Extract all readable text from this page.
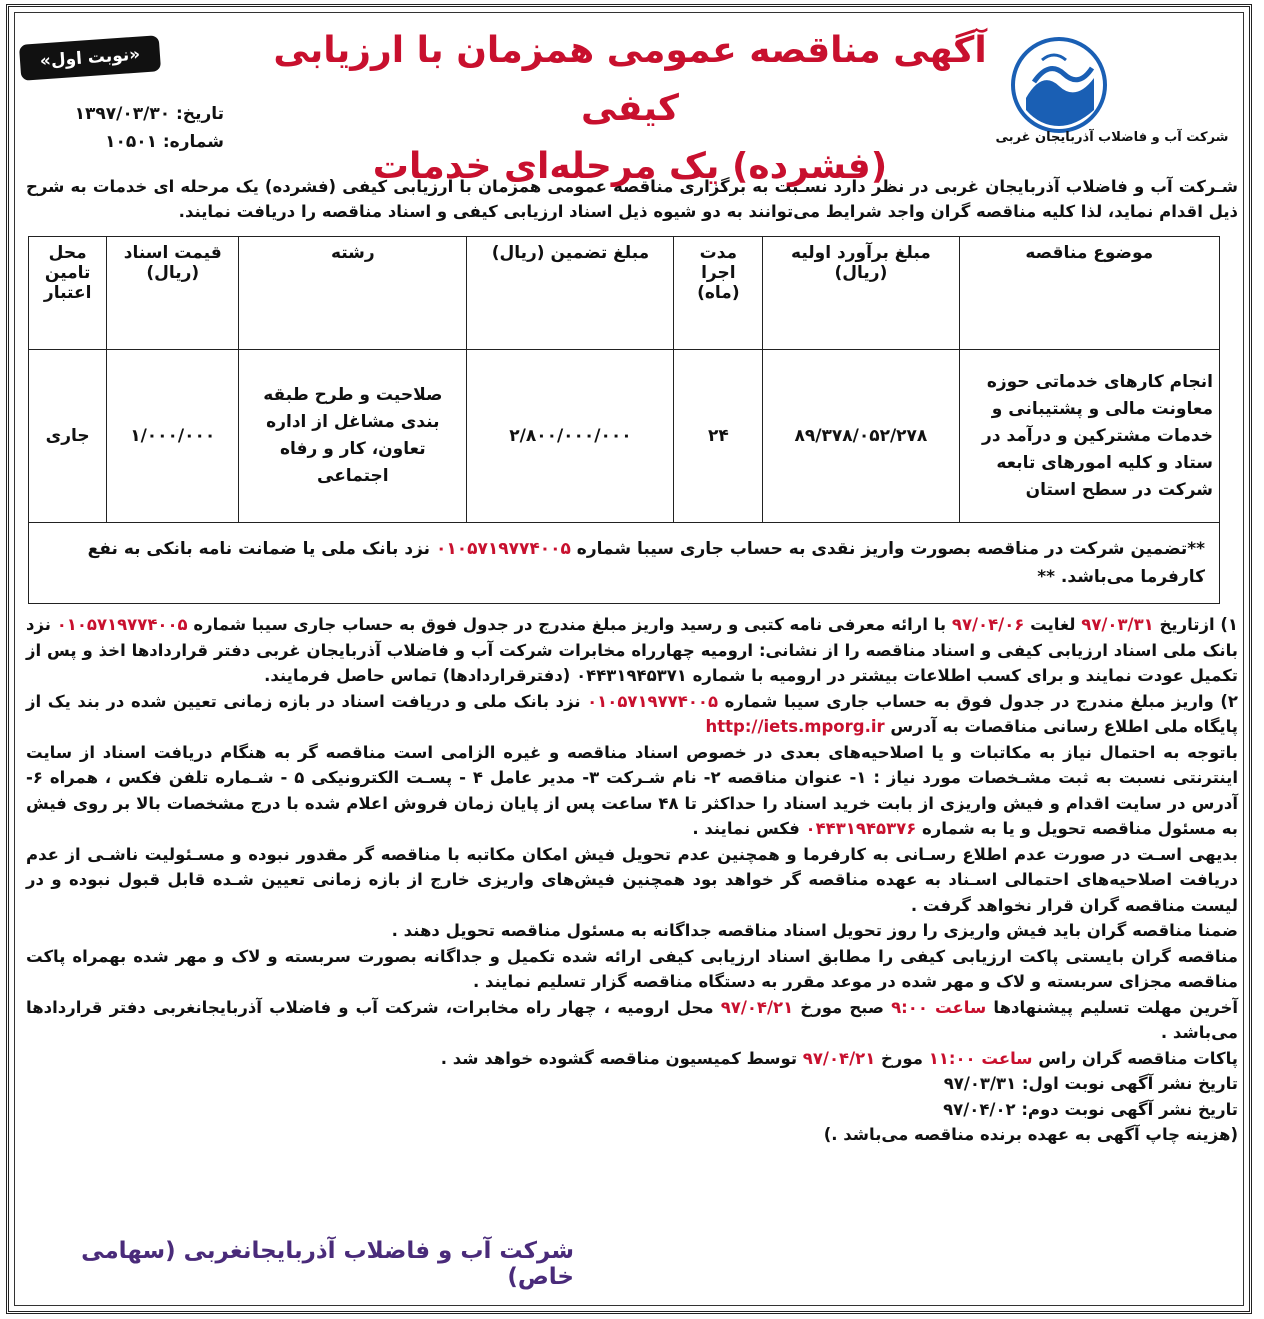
شرکت آب و فاضلاب آذربایجان غربی
«نوبت اول»	آگهی مناقصه عمومی همزمان با ارزیابی کیفی
(فشرده) یک مرحله‌ای خدمات
تاریخ: ۱۳۹۷/۰۳/۳۰
شماره: ۱۰۵۰۱
شـرکت آب و فاضلاب آذربایجان غربی در نظر دارد نسـبت به برگزاری مناقصه عمومی همزمان با ارزیابی کیفی (فشرده) یک مرحله ای خدمات به شرح ذیل اقدام نماید، لذا کلیه مناقصه گران واجد شرایط می‌توانند به دو شیوه ذیل اسناد ارزیابی کیفی و اسناد مناقصه را دریافت نمایند.
موضوع مناقصه	مبلغ برآورد اولیه (ریال)	مدت اجرا (ماه)	مبلغ تضمین (ریال)	رشته	قیمت اسناد (ریال)	محل تامین اعتبار
انجام کارهای خدماتی حوزه معاونت مالی و پشتیبانی و خدمات مشترکین و درآمد در ستاد و کلیه امورهای تابعه شرکت در سطح استان	۸۹/۳۷۸/۰۵۲/۲۷۸	۲۴	۲/۸۰۰/۰۰۰/۰۰۰	صلاحیت و طرح طبقه بندی مشاغل از اداره تعاون، کار و رفاه اجتماعی	۱/۰۰۰/۰۰۰	جاری
**تضمین شرکت در مناقصه بصورت واریز نقدی به حساب جاری سیبا شماره ۰۱۰۵۷۱۹۷۷۴۰۰۵ نزد بانک ملی یا ضمانت نامه بانکی به نفع کارفرما می‌باشد. **						

۱) ازتاریخ ۹۷/۰۳/۳۱ لغایت ۹۷/۰۴/۰۶ با ارائه معرفی نامه کتبی و رسید واریز مبلغ مندرج در جدول فوق به حساب جاری سیبا شماره ۰۱۰۵۷۱۹۷۷۴۰۰۵ نزد بانک ملی اسناد ارزیابی کیفی و اسناد مناقصه را از نشانی: ارومیه چهارراه مخابرات شرکت آب و فاضلاب آذربایجان غربی دفتر قراردادها اخذ و پس از تکمیل عودت نمایند و برای کسب اطلاعات بیشتر در ارومیه با شماره ۰۴۴۳۱۹۴۵۳۷۱ (دفترقراردادها) تماس حاصل فرمایند.

۲) واریز مبلغ مندرج در جدول فوق به حساب جاری سیبا شماره ۰۱۰۵۷۱۹۷۷۴۰۰۵ نزد بانک ملی و دریافت اسناد در بازه زمانی تعیین شده در بند یک از پایگاه ملی اطلاع رسانی مناقصات به آدرس http://iets.mporg.ir

باتوجه به احتمال نیاز به مکاتبات و یا اصلاحیه‌های بعدی در خصوص اسناد مناقصه و غیره الزامی است مناقصه گر به هنگام دریافت اسناد از سایت اینترنتی نسبت به ثبت مشـخصات مورد نیاز : ۱- عنوان مناقصه ۲- نام شـرکت ۳- مدیر عامل ۴ - پسـت الکترونیکی ۵ - شـماره تلفن فکس ، همراه ۶- آدرس در سایت اقدام و فیش واریزی از بابت خرید اسناد را حداکثر تا ۴۸ ساعت پس از پایان زمان فروش اعلام شده با درج مشخصات بالا بر روی فیش به مسئول مناقصه تحویل و یا به شماره ۰۴۴۳۱۹۴۵۳۷۶ فکس نمایند .

بدیهی اسـت در صورت عدم اطلاع رسـانی به کارفرما و همچنین عدم تحویل فیش امکان مکاتبه با مناقصه گر مقدور نبوده و مسـئولیت ناشـی از عدم دریافت اصلاحیه‌های احتمالی اسـناد به عهده مناقصه گر خواهد بود همچنین فیش‌های واریزی خارج از بازه زمانی تعیین شـده قابل قبول نبوده و در لیست مناقصه گران قرار نخواهد گرفت .

ضمنا مناقصه گران باید فیش واریزی را روز تحویل اسناد مناقصه جداگانه به مسئول مناقصه تحویل دهند .

مناقصه گران بایستی پاکت ارزیابی کیفی را مطابق اسناد ارزیابی کیفی ارائه شده تکمیل و جداگانه بصورت سربسته و لاک و مهر شده بهمراه پاکت مناقصه مجزای سربسته و لاک و مهر شده در موعد مقرر به دستگاه مناقصه گزار تسلیم نمایند .

آخرین مهلت تسلیم پیشنهادها ساعت ۹:۰۰ صبح مورخ ۹۷/۰۴/۲۱ محل ارومیه ، چهار راه مخابرات، شرکت آب و فاضلاب آذربایجانغربی دفتر قراردادها می‌باشد .

پاکات مناقصه گران راس ساعت ۱۱:۰۰ مورخ ۹۷/۰۴/۲۱ توسط کمیسیون مناقصه گشوده خواهد شد .

تاریخ نشر آگهی نوبت اول: ۹۷/۰۳/۳۱

تاریخ نشر آگهی نوبت دوم: ۹۷/۰۴/۰۲

(هزینه چاپ آگهی به عهده برنده مناقصه می‌باشد .)

شرکت آب و فاضلاب آذربایجانغربی (سهامی خاص)
